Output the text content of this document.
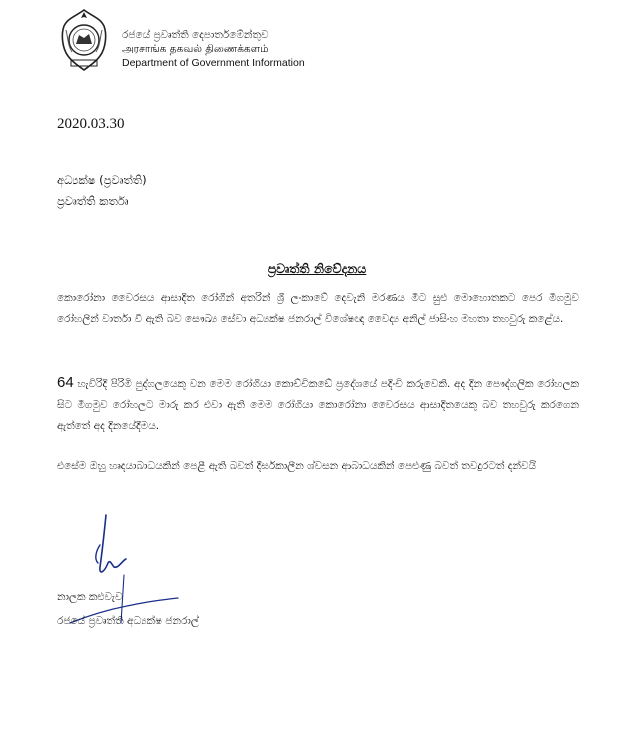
රජයේ ප්‍රවෘත්ති දෙපාර්තමේන්තුව
அரசாங்க தகவல் திணைக்களம்
Department of Government Information
2020.03.30
අධ්‍යක්ෂ (ප්‍රවෘත්ති)
ප්‍රවෘත්ති කර්තෘ
ප්‍රවෘත්ති නිවේදනය
කොරෝනා වෛරසය ආසාදිත රෝගීන් අතරින් ශ්‍රී ලංකාවේ දෙවැනි මරණය මීට සුළු මොහොතකට පෙර මීගමුව රෝහලින් වාර්තා වී ඇති බව සෞඛ්‍ය සේවා අධ්‍යක්ෂ ජනරාල් විශේෂඥ වෛද්‍ය අනිල් ජාසිංහ මහතා තහවුරු කළේය.
64 හැවිරිදි පිරිමි පුද්ගලයෙකු වන මෙම රෝගියා කොච්චිකඩේ ප්‍රදේශයේ පදිංචි කරුවෙකි. අද දින පෞද්ගලික රෝහලක සිට මීගමුව රෝහලට මාරු කර එවා ඇති මෙම රෝගියා කොරෝනා වෛරසය ආසාදිතයෙකු බව තහවුරු කරගෙන ඇත්තේ අද දිනයේදීමය.
එසේම ඔහු හෘදයාබාධයකින් පෙළී ඇති බවත් දීර්ඝකාලීන ශ්වසන ආබාධයකින් පෙළුණු බවත් තවදුරටත් දන්වයි
නාලක කළුවැව
රජයේ ප්‍රවෘත්ති අධ්‍යක්ෂ ජනරාල්
